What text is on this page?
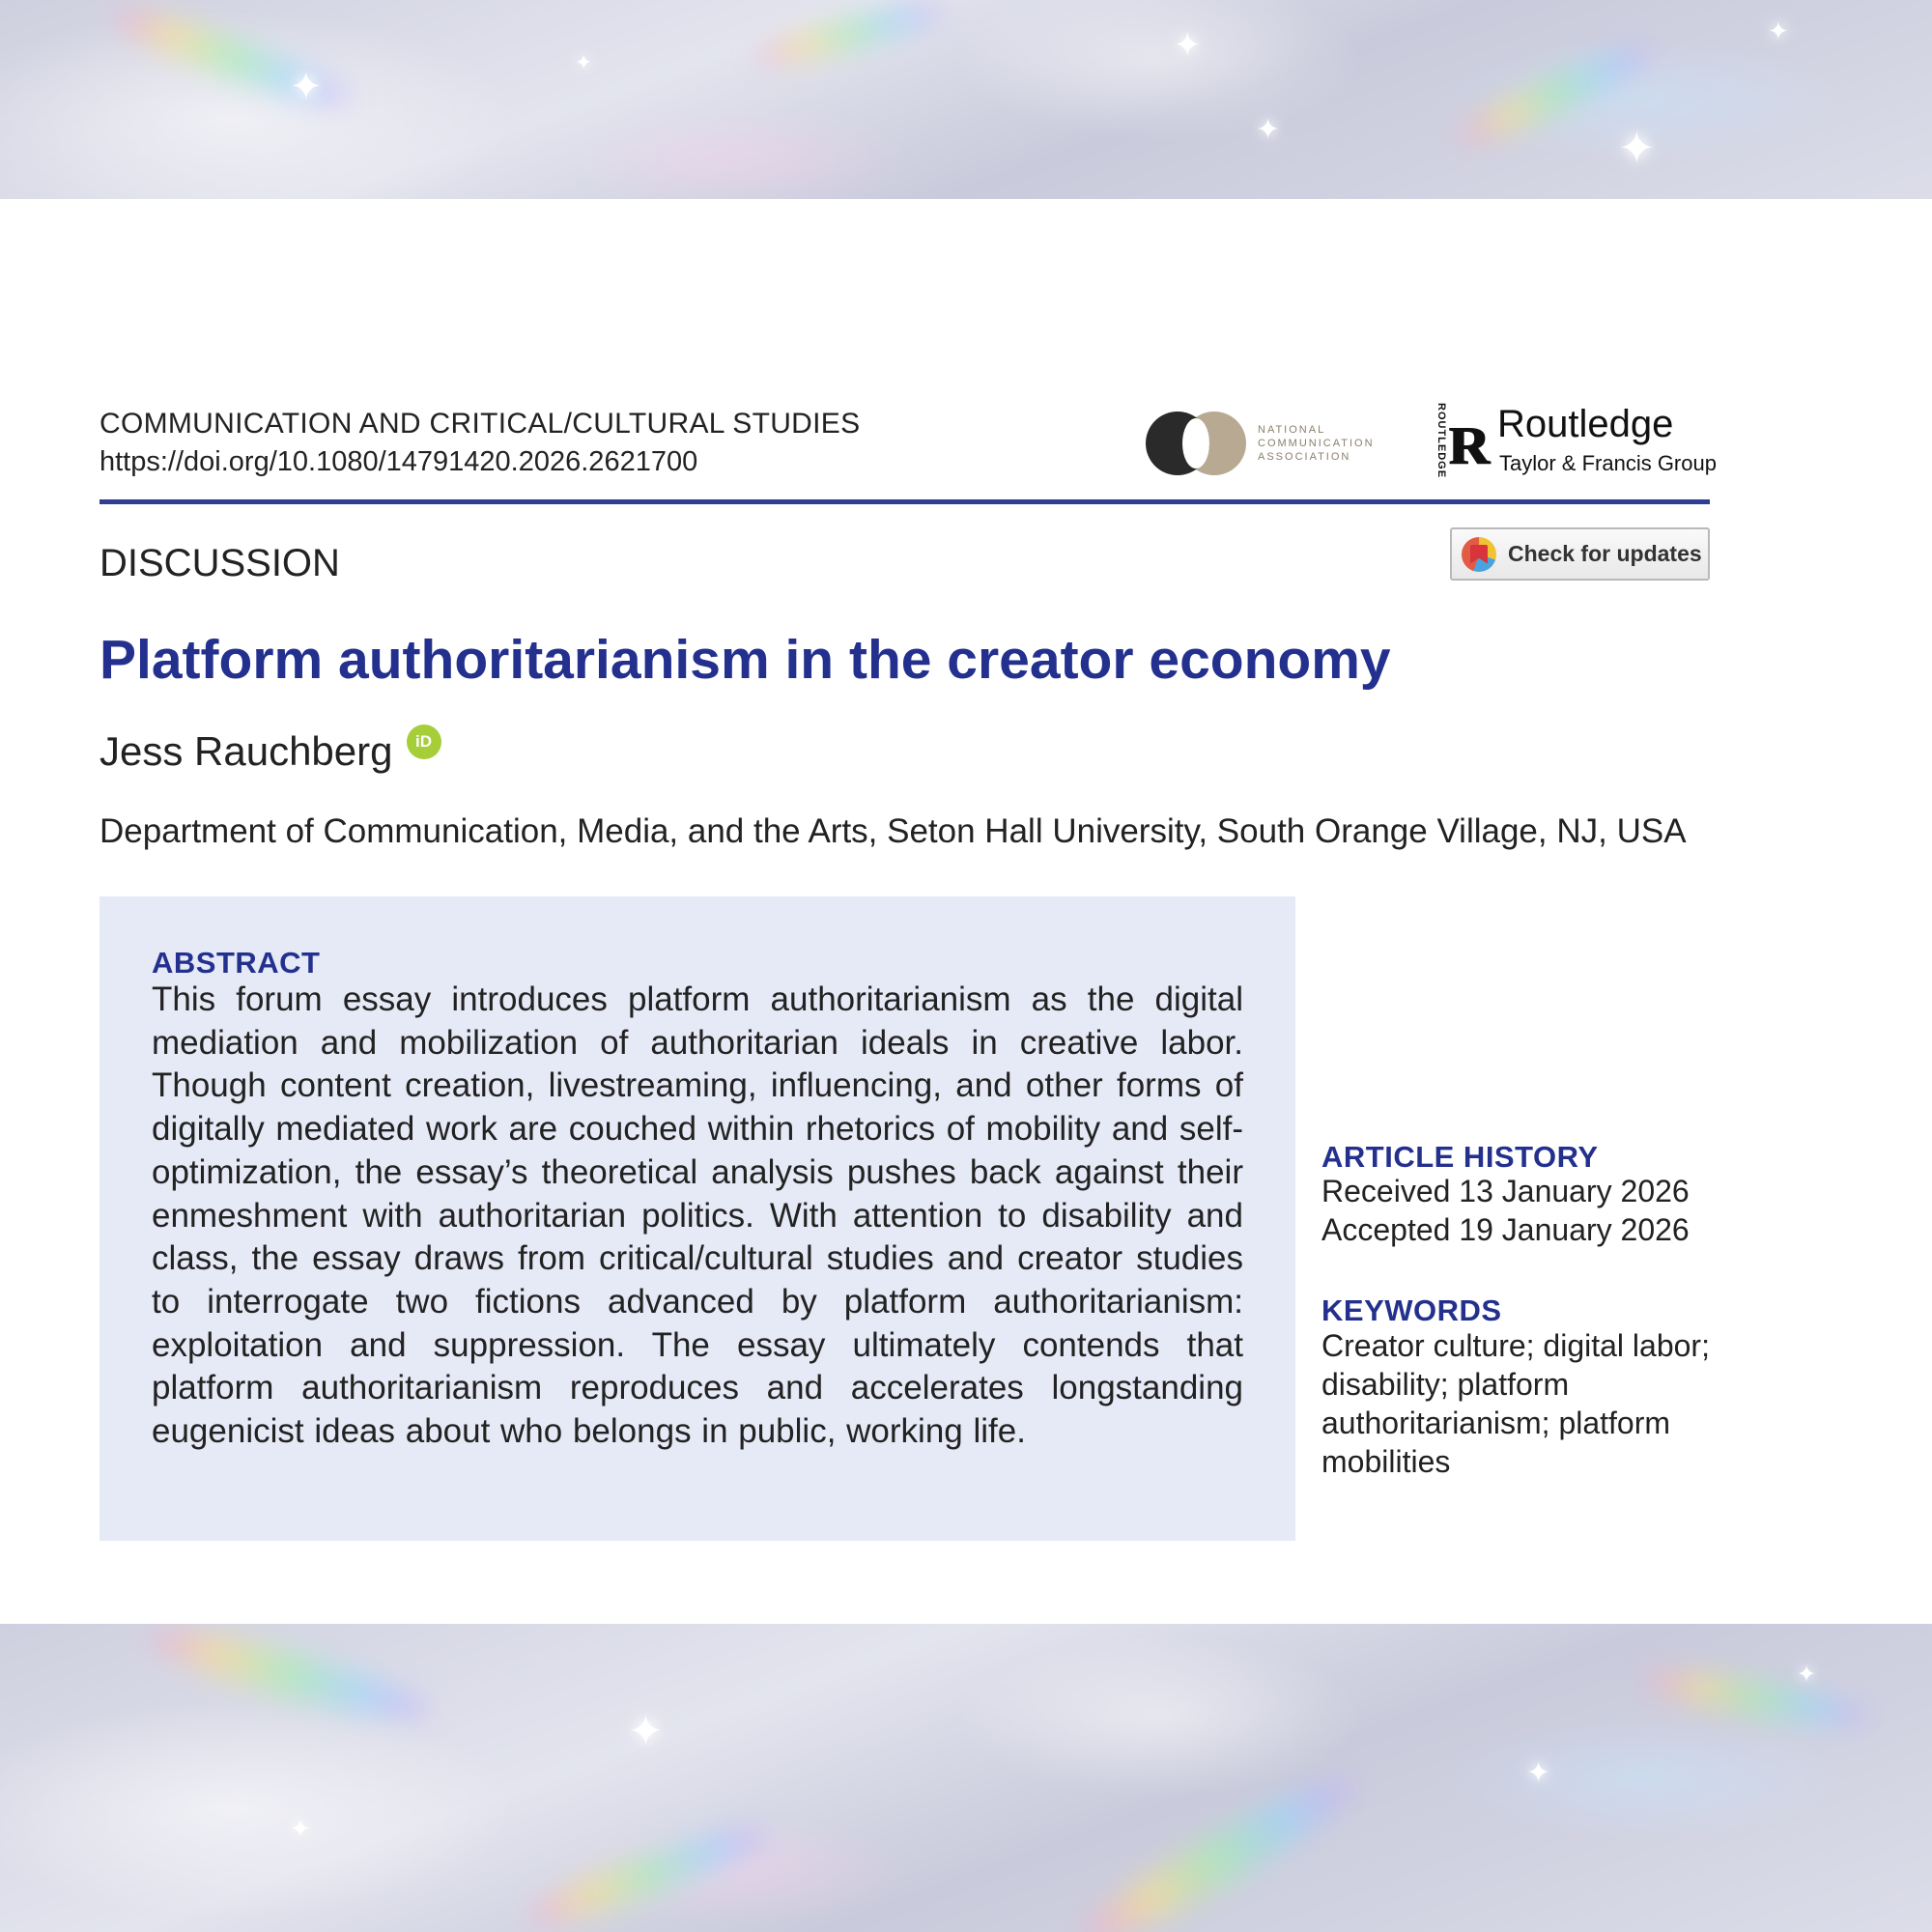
✦
✦
✦	✦
✦
✦
✦
✦
✦
✦
COMMUNICATION AND CRITICAL/CULTURAL STUDIES
https://doi.org/10.1080/14791420.2026.2621700
NATIONAL
COMMUNICATION
ASSOCIATION	ROUTLEDGE ʀ Routledge
Taylor & Francis Group
DISCUSSION	Check for updates
Platform authoritarianism in the creator economy
Jess Rauchberg	iD
Department of Communication, Media, and the Arts, Seton Hall University, South Orange Village, NJ, USA
ABSTRACT
This forum essay introduces platform authoritarianism as the digital mediation and mobilization of authoritarian ideals in creative labor. Though content creation, livestreaming, influencing, and other forms of digitally mediated work are couched within rhetorics of mobility and self-optimization, the essay’s theoretical analysis pushes back against their enmeshment with authoritarian politics. With attention to disability and class, the essay draws from critical/cultural studies and creator studies to interrogate two fictions advanced by platform authoritarianism: exploitation and suppression. The essay ultimately contends that platform authoritarianism reproduces and accelerates longstanding eugenicist ideas about who belongs in public, working life.
ARTICLE HISTORY
Received 13 January 2026
Accepted 19 January 2026
KEYWORDS
Creator culture; digital labor; disability; platform authoritarianism; platform mobilities
